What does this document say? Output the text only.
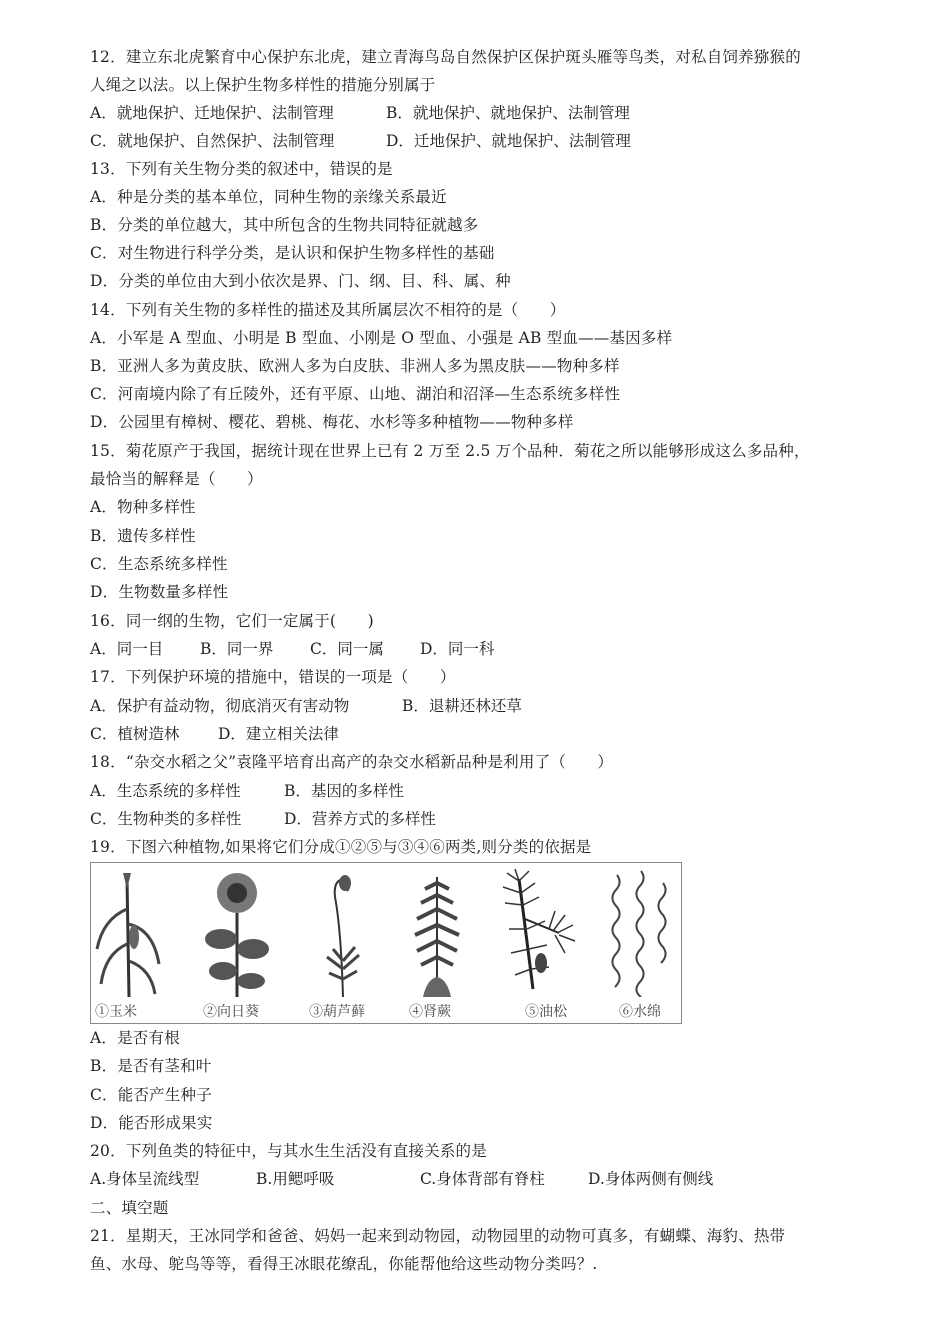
12．建立东北虎繁育中心保护东北虎，建立青海鸟岛自然保护区保护斑头雁等鸟类，对私自饲养猕猴的
人绳之以法。以上保护生物多样性的措施分别属于
A．就地保护、迁地保护、法制管理	B．就地保护、就地保护、法制管理
C．就地保护、自然保护、法制管理	D．迁地保护、就地保护、法制管理
13．下列有关生物分类的叙述中，错误的是
A．种是分类的基本单位，同种生物的亲缘关系最近
B．分类的单位越大，其中所包含的生物共同特征就越多
C．对生物进行科学分类，是认识和保护生物多样性的基础
D．分类的单位由大到小依次是界、门、纲、目、科、属、种
14．下列有关生物的多样性的描述及其所属层次不相符的是（　　）
A．小军是 A 型血、小明是 B 型血、小刚是 O 型血、小强是 AB 型血——基因多样
B．亚洲人多为黄皮肤、欧洲人多为白皮肤、非洲人多为黑皮肤——物种多样
C．河南境内除了有丘陵外，还有平原、山地、湖泊和沼泽—生态系统多样性
D．公园里有樟树、樱花、碧桃、梅花、水杉等多种植物——物种多样
15．菊花原产于我国，据统计现在世界上已有 2 万至 2.5 万个品种．菊花之所以能够形成这么多品种，
最恰当的解释是（　　）
A．物种多样性
B．遗传多样性
C．生态系统多样性
D．生物数量多样性
16．同一纲的生物，它们一定属于(　　)
A．同一目 B．同一界 C．同一属 D．同一科
17．下列保护环境的措施中，错误的一项是（　　）
A．保护有益动物，彻底消灭有害动物	B．退耕还林还草
C．植树造林 D．建立相关法律
18．“杂交水稻之父”袁隆平培育出高产的杂交水稻新品种是利用了（　　）
A．生态系统的多样性	B．基因的多样性
C．生物种类的多样性	D．营养方式的多样性
19．下图六种植物,如果将它们分成①②⑤与③④⑥两类,则分类的依据是
①玉米	②向日葵	③葫芦藓	④肾蕨	⑤油松	⑥水绵
A．是否有根
B．是否有茎和叶
C．能否产生种子
D．能否形成果实
20．下列鱼类的特征中，与其水生生活没有直接关系的是
A.身体呈流线型	B.用鳃呼吸	C.身体背部有脊柱	D.身体两侧有侧线
二、填空题
21．星期天，王冰同学和爸爸、妈妈一起来到动物园，动物园里的动物可真多，有蝴蝶、海豹、热带
鱼、水母、鸵鸟等等，看得王冰眼花缭乱，你能帮他给这些动物分类吗？.
